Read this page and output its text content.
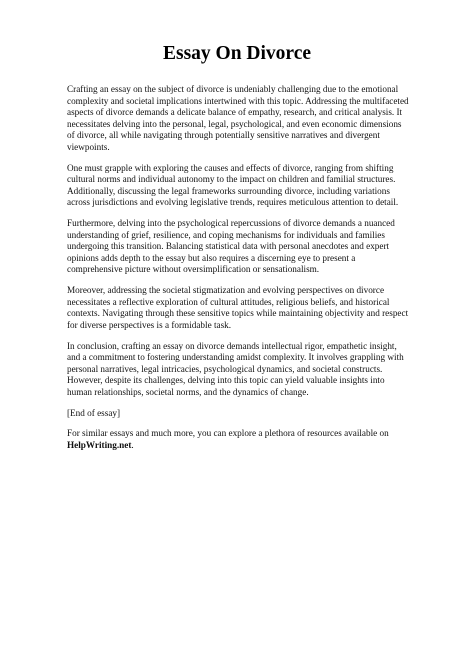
Essay On Divorce

Crafting an essay on the subject of divorce is undeniably challenging due to the emotional complexity and societal implications intertwined with this topic. Addressing the multifaceted aspects of divorce demands a delicate balance of empathy, research, and critical analysis. It necessitates delving into the personal, legal, psychological, and even economic dimensions of divorce, all while navigating through potentially sensitive narratives and divergent viewpoints.

One must grapple with exploring the causes and effects of divorce, ranging from shifting cultural norms and individual autonomy to the impact on children and familial structures. Additionally, discussing the legal frameworks surrounding divorce, including variations across jurisdictions and evolving legislative trends, requires meticulous attention to detail.

Furthermore, delving into the psychological repercussions of divorce demands a nuanced understanding of grief, resilience, and coping mechanisms for individuals and families undergoing this transition. Balancing statistical data with personal anecdotes and expert opinions adds depth to the essay but also requires a discerning eye to present a comprehensive picture without oversimplification or sensationalism.

Moreover, addressing the societal stigmatization and evolving perspectives on divorce necessitates a reflective exploration of cultural attitudes, religious beliefs, and historical contexts. Navigating through these sensitive topics while maintaining objectivity and respect for diverse perspectives is a formidable task.

In conclusion, crafting an essay on divorce demands intellectual rigor, empathetic insight, and a commitment to fostering understanding amidst complexity. It involves grappling with personal narratives, legal intricacies, psychological dynamics, and societal constructs. However, despite its challenges, delving into this topic can yield valuable insights into human relationships, societal norms, and the dynamics of change.

[End of essay]

For similar essays and much more, you can explore a plethora of resources available on
HelpWriting.net.
